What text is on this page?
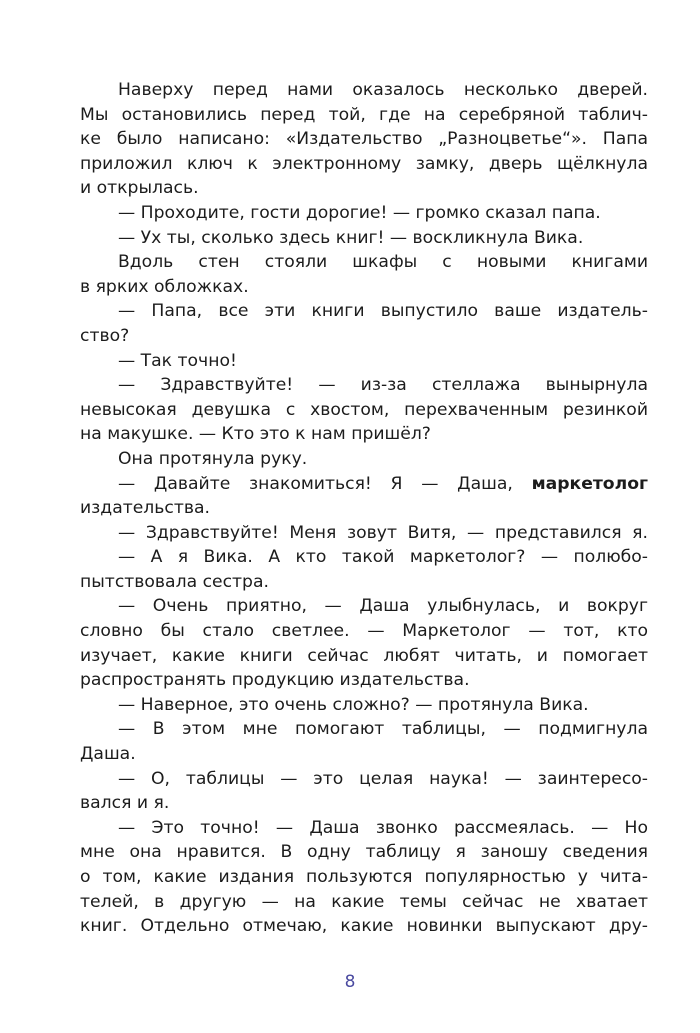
Наверху перед нами оказалось несколько дверей.
Мы остановились перед той, где на серебряной таблич-
ке было написано: «Издательство „Разноцветье“». Папа
приложил ключ к электронному замку, дверь щёлкнула
и открылась.
— Проходите, гости дорогие! — громко сказал папа.
— Ух ты, сколько здесь книг! — воскликнула Вика.
Вдоль стен стояли шкафы с новыми книгами
в ярких обложках.
— Папа, все эти книги выпустило ваше издатель-
ство?
— Так точно!
— Здравствуйте! — из-за стеллажа вынырнула
невысокая девушка с хвостом, перехваченным резинкой
на макушке. — Кто это к нам пришёл?
Она протянула руку.
— Давайте знакомиться! Я — Даша, маркетолог
издательства.
— Здравствуйте! Меня зовут Витя, — представился я.
— А я Вика. А кто такой маркетолог? — полюбо-
пытствовала сестра.
— Очень приятно, — Даша улыбнулась, и вокруг
словно бы стало светлее. — Маркетолог — тот, кто
изучает, какие книги сейчас любят читать, и помогает
распространять продукцию издательства.
— Наверное, это очень сложно? — протянула Вика.
— В этом мне помогают таблицы, — подмигнула
Даша.
— О, таблицы — это целая наука! — заинтересо-
вался и я.
— Это точно! — Даша звонко рассмеялась. — Но
мне она нравится. В одну таблицу я заношу сведения
о том, какие издания пользуются популярностью у чита-
телей, в другую — на какие темы сейчас не хватает
книг. Отдельно отмечаю, какие новинки выпускают дру-
8
